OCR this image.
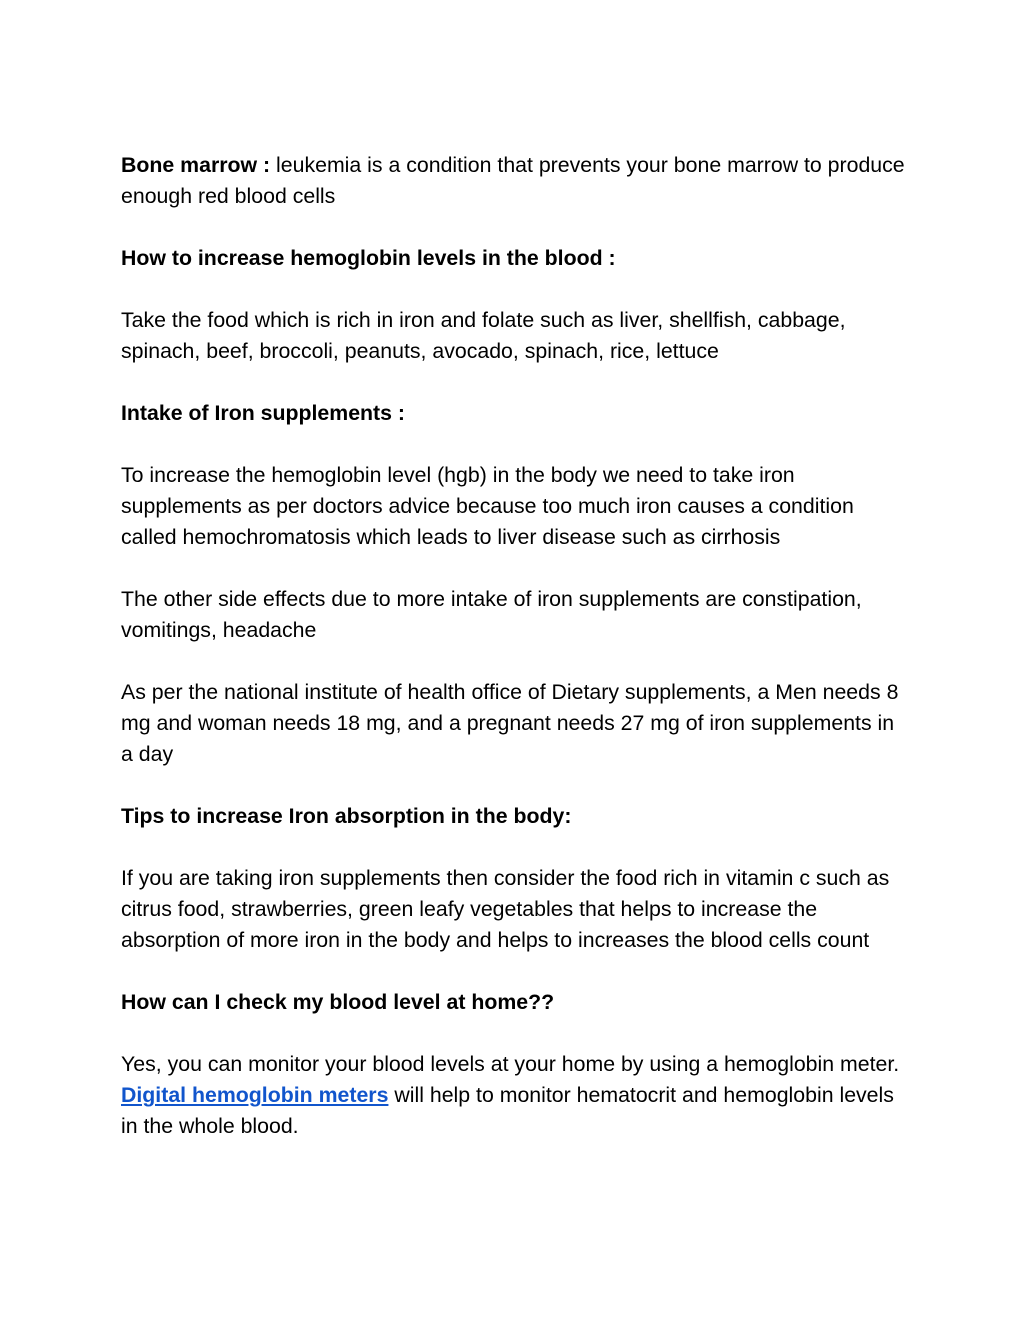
Bone marrow : leukemia is a condition that prevents your bone marrow to produce enough red blood cells

How to increase hemoglobin levels in the blood :

Take the food which is rich in iron and folate such as liver, shellfish, cabbage, spinach, beef, broccoli, peanuts, avocado, spinach, rice, lettuce

Intake of Iron supplements :

To increase the hemoglobin level (hgb) in the body we need to take iron supplements as per doctors advice because too much iron causes a condition called hemochromatosis which leads to liver disease such as cirrhosis

The other side effects due to more intake of iron supplements are constipation, vomitings, headache

As per the national institute of health office of Dietary supplements, a Men needs 8 mg and woman needs 18 mg, and a pregnant needs 27 mg of iron supplements in a day

Tips to increase Iron absorption in the body:

If you are taking iron supplements then consider the food rich in vitamin c such as citrus food, strawberries, green leafy vegetables that helps to increase the absorption of more iron in the body and helps to increases the blood cells count

How can I check my blood level at home??

Yes, you can monitor your blood levels at your home by using a hemoglobin meter. Digital hemoglobin meters will help to monitor hematocrit and hemoglobin levels in the whole blood.
